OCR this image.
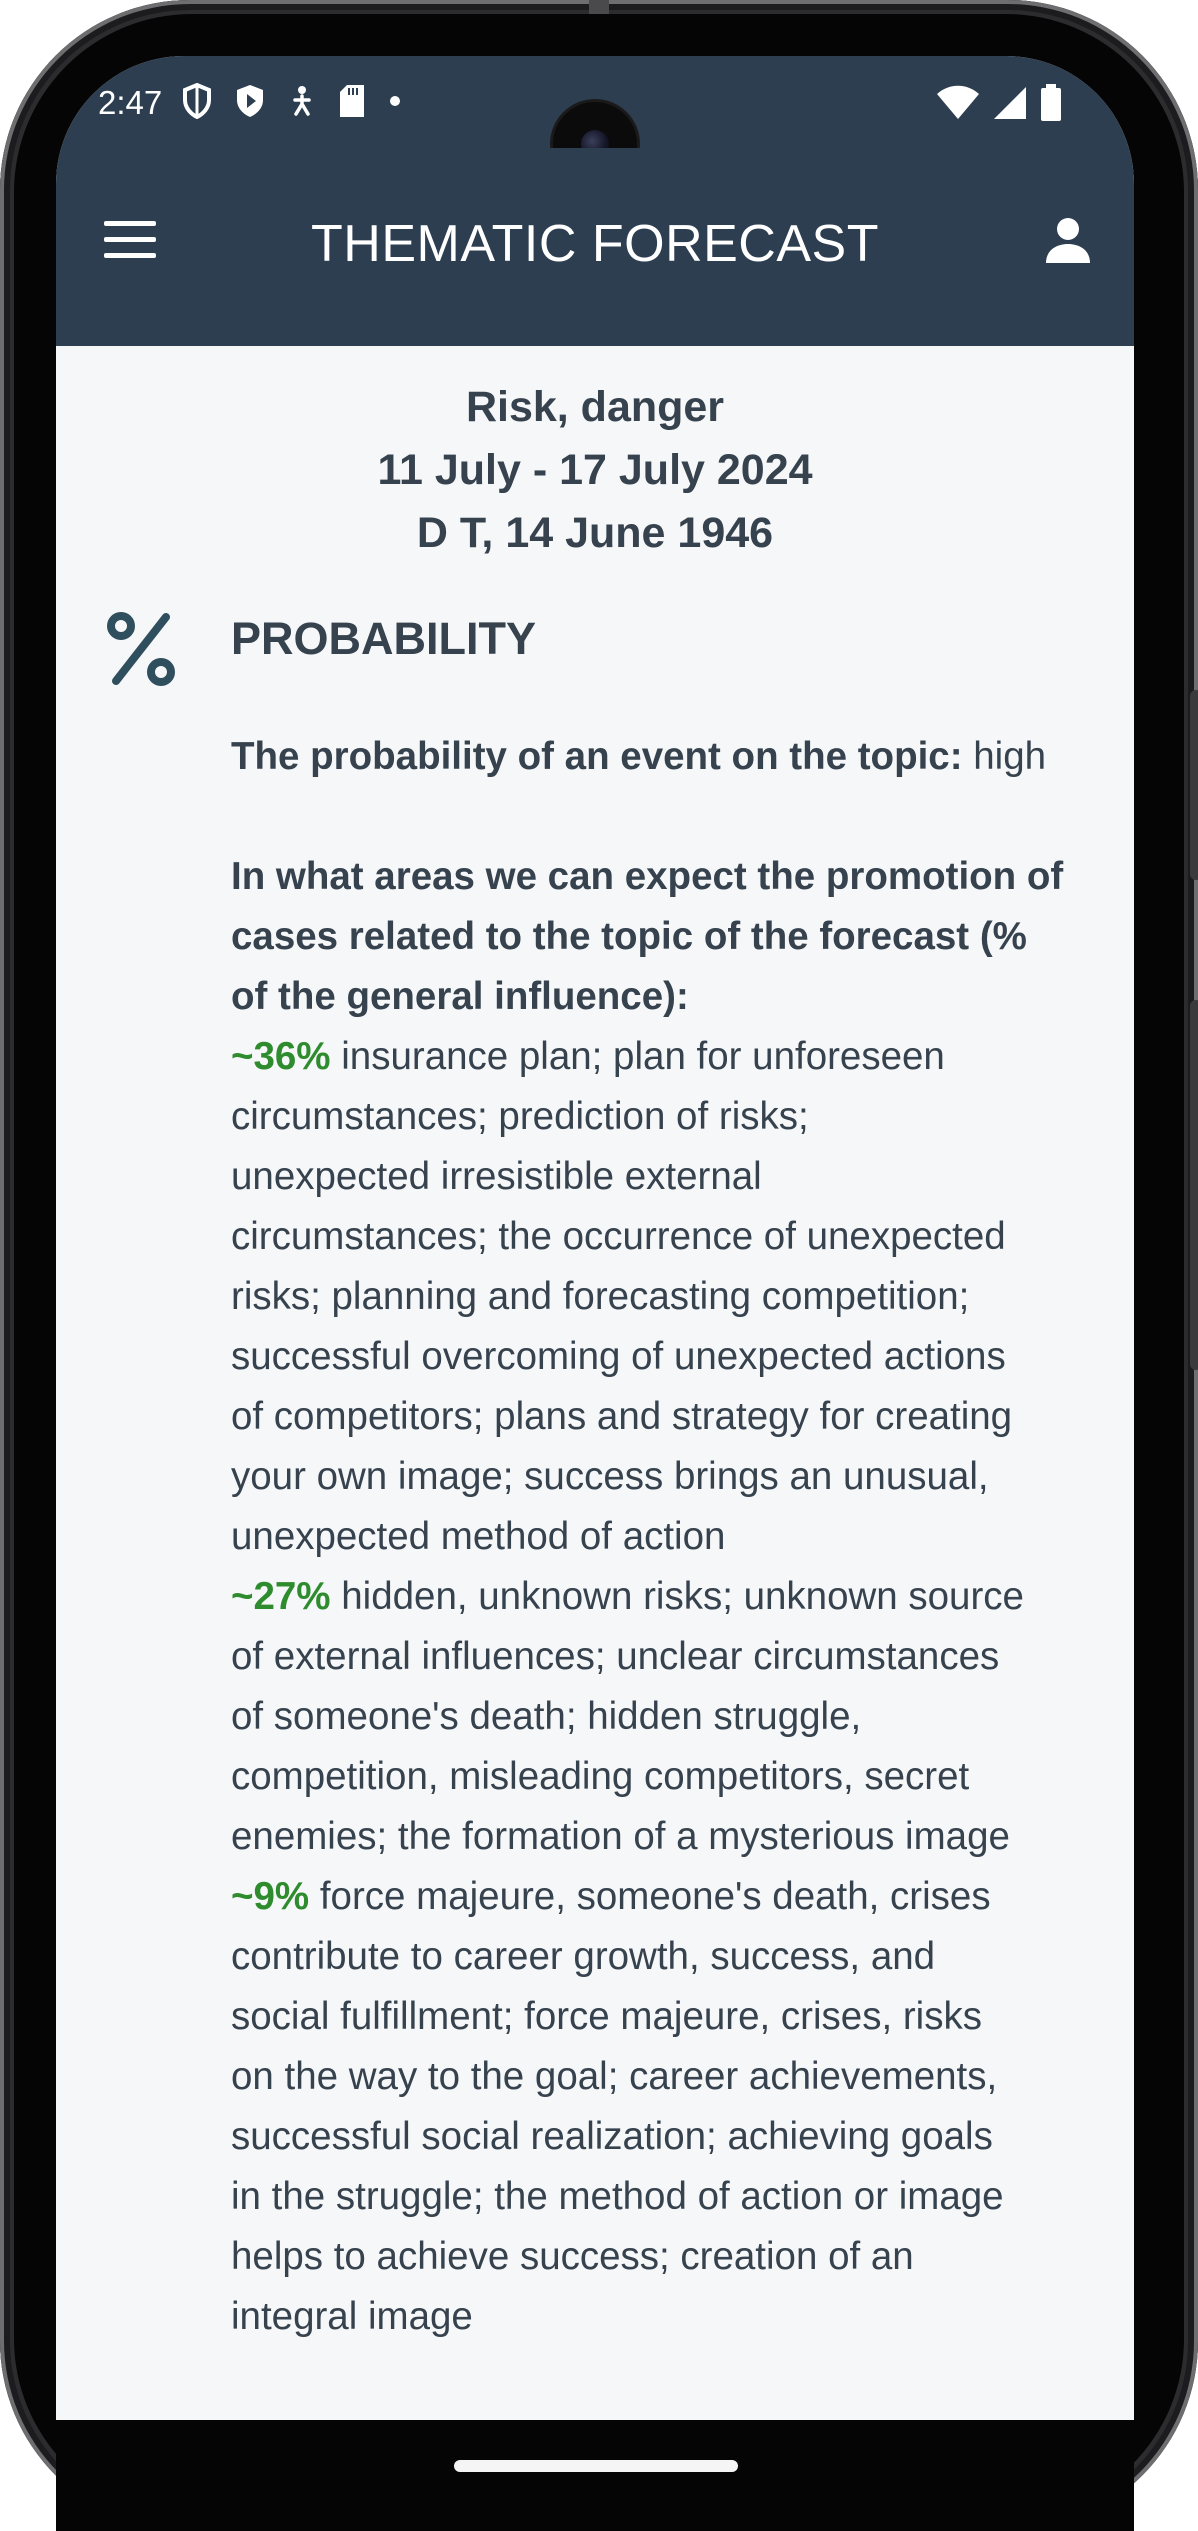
2:47
THEMATIC FORECAST
Risk, danger
11 July - 17 July 2024
D T, 14 June 1946
PROBABILITY
The probability of an event on the topic: high
In what areas we can expect the promotion of
cases related to the topic of the forecast (%
of the general influence):
~36% insurance plan; plan for unforeseen
circumstances; prediction of risks;
unexpected irresistible external
circumstances; the occurrence of unexpected
risks; planning and forecasting competition;
successful overcoming of unexpected actions
of competitors; plans and strategy for creating
your own image; success brings an unusual,
unexpected method of action
~27% hidden, unknown risks; unknown source
of external influences; unclear circumstances
of someone's death; hidden struggle,
competition, misleading competitors, secret
enemies; the formation of a mysterious image
~9% force majeure, someone's death, crises
contribute to career growth, success, and
social fulfillment; force majeure, crises, risks
on the way to the goal; career achievements,
successful social realization; achieving goals
in the struggle; the method of action or image
helps to achieve success; creation of an
integral image
